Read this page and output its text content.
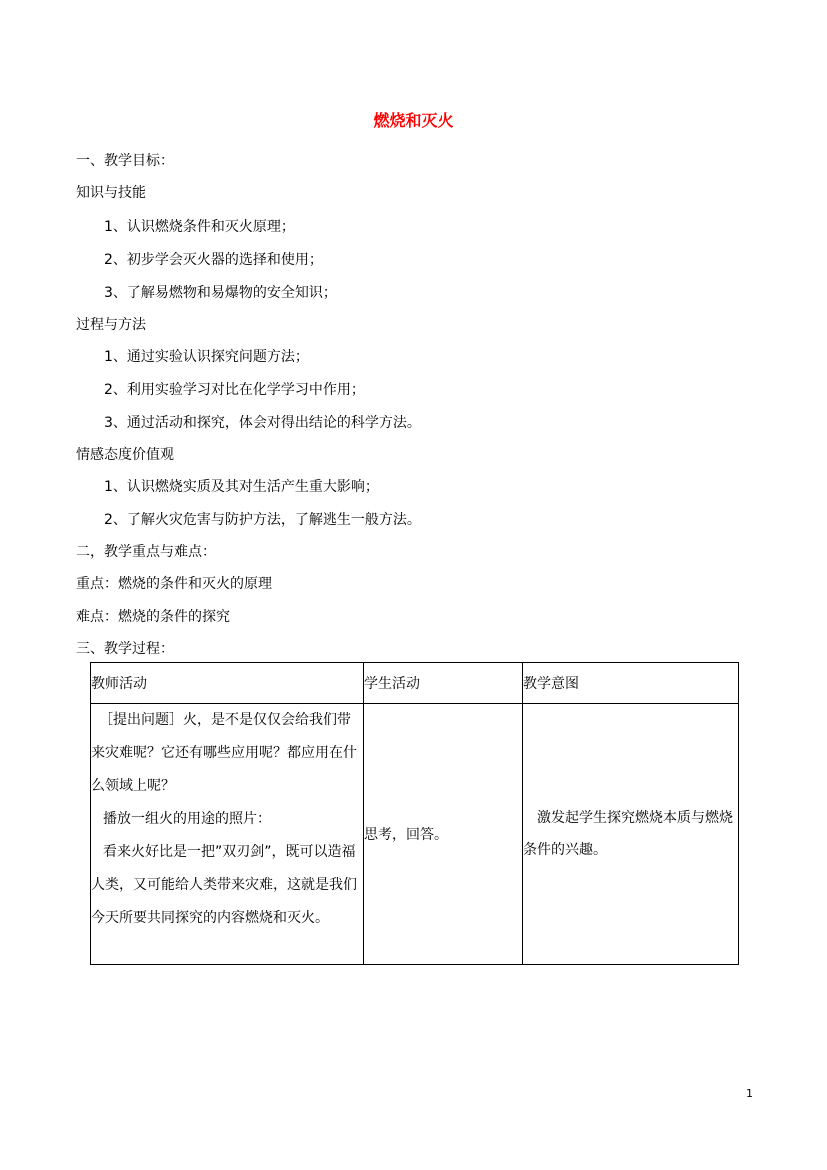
燃烧和灭火
一、教学目标：
知识与技能
1、认识燃烧条件和灭火原理；
2、初步学会灭火器的选择和使用；
3、了解易燃物和易爆物的安全知识；
过程与方法
1、通过实验认识探究问题方法；
2、利用实验学习对比在化学学习中作用；
3、通过活动和探究，体会对得出结论的科学方法。
情感态度价值观
1、认识燃烧实质及其对生活产生重大影响；
2、了解火灾危害与防护方法，了解逃生一般方法。
二，教学重点与难点：
重点：燃烧的条件和灭火的原理
难点：燃烧的条件的探究
三、教学过程：
教师活动	学生活动	教学意图

［提出问题］火，是不是仅仅会给我们带来灾难呢？它还有哪些应用呢？都应用在什么领域上呢？

播放一组火的用途的照片：

看来火好比是一把”双刃剑”，既可以造福人类，又可能给人类带来灾难，这就是我们今天所要共同探究的内容燃烧和灭火。	思考，回答。	激发起学生探究燃烧本质与燃烧条件的兴趣。
1
